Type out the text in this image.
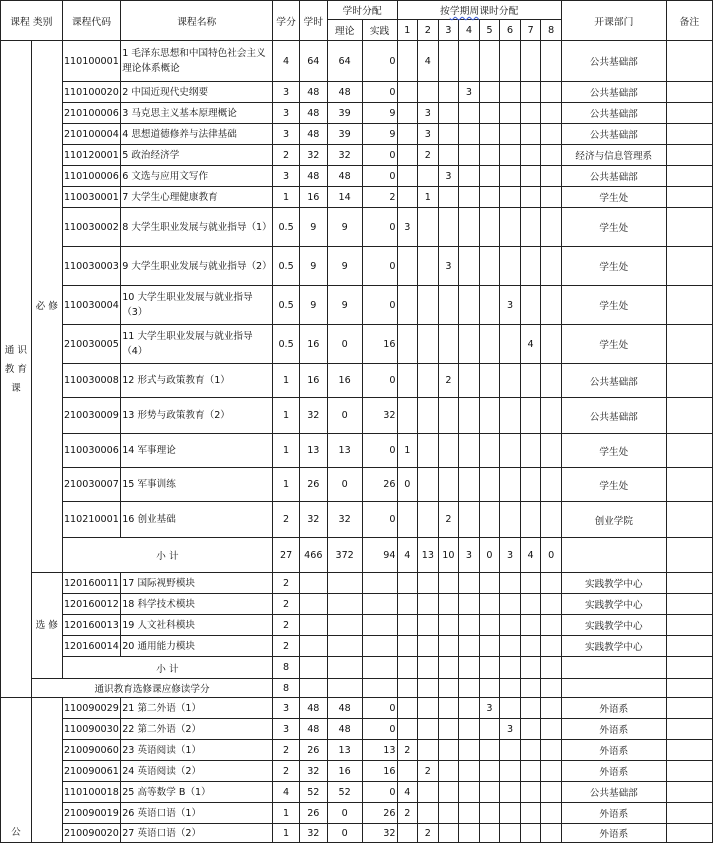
课程 类别		课程代码	课程名称	学分	学时	学时分配		按学期周课时分配								开课部门	备注
						理论	实践	1	2	3	4	5	6	7	8		
通 识 教 育 课	必 修	110100001	1 毛泽东思想和中国特色社会主义理论体系概论	4	64	64	0		4							公共基础部	
		110100020	2 中国近现代史纲要	3	48	48	0				3					公共基础部	
		210100006	3 马克思主义基本原理概论	3	48	39	9		3							公共基础部	
		210100004	4 思想道德修养与法律基础	3	48	39	9		3							公共基础部	
		110120001	5 政治经济学	2	32	32	0		2							经济与信息管理系	
		110100006	6 文选与应用文写作	3	48	48	0			3						公共基础部	
		110030001	7 大学生心理健康教育	1	16	14	2		1							学生处	
		110030002	8 大学生职业发展与就业指导（1）	0.5	9	9	0	3								学生处	
		110030003	9 大学生职业发展与就业指导（2）	0.5	9	9	0			3						学生处	
		110030004	10 大学生职业发展与就业指导（3）	0.5	9	9	0						3			学生处	
		210030005	11 大学生职业发展与就业指导（4）	0.5	16	0	16							4		学生处	
		110030008	12 形式与政策教育（1）	1	16	16	0			2						公共基础部	
		210030009	13 形势与政策教育（2）	1	32	0	32									公共基础部	
		110030006	14 军事理论	1	13	13	0	1								学生处	
		210030007	15 军事训练	1	26	0	26	0								学生处	
		110210001	16 创业基础	2	32	32	0			2						创业学院	
		小 计		27	466	372	94	4	13	10	3	0	3	4	0		
	选 修	120160011	17 国际视野模块	2												实践教学中心	
		120160012	18 科学技术模块	2												实践教学中心	
		120160013	19 人文社科模块	2												实践教学中心	
		120160014	20 通用能力模块	2												实践教学中心	
		小 计		8													
	通识教育选修课应修读学分			8													
公		110090029	21 第二外语（1）	3	48	48	0					3				外语系	
		110090030	22 第二外语（2）	3	48	48	0						3			外语系	
		210090060	23 英语阅读（1）	2	26	13	13	2								外语系	
		210090061	24 英语阅读（2）	2	32	16	16		2							外语系	
		110100018	25 高等数学 B（1）	4	52	52	0	4								公共基础部	
		210090019	26 英语口语（1）	1	26	0	26	2								外语系	
		210090020	27 英语口语（2）	1	32	0	32		2							外语系	
